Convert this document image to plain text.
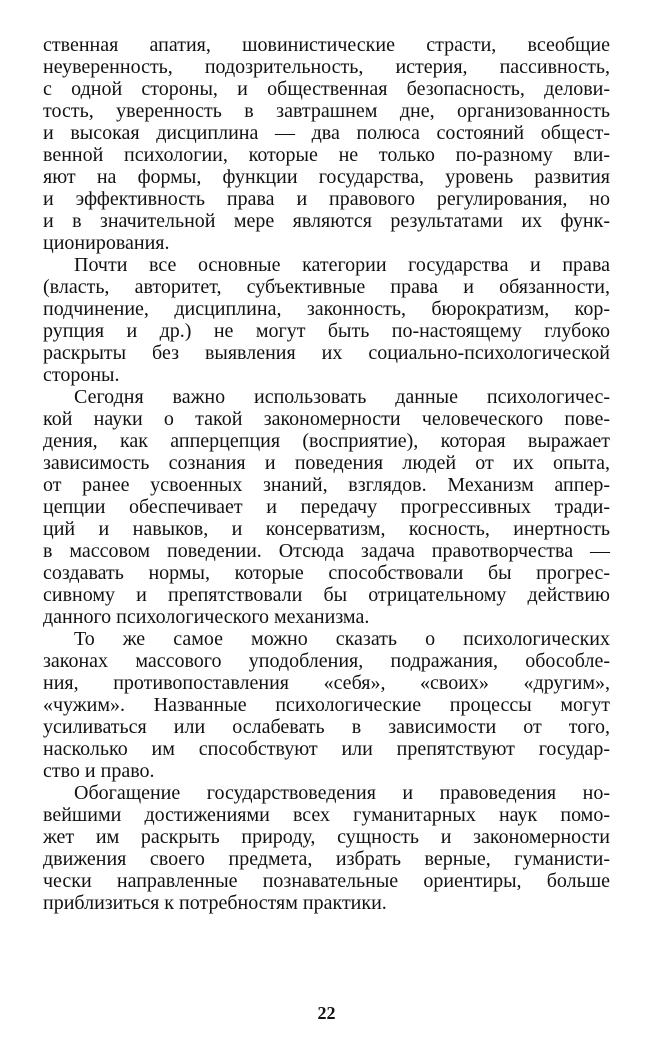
ственная апатия, шовинистические страсти, всеобщие
неуверенность, подозрительность, истерия, пассивность,
с одной стороны, и общественная безопасность, делови-
тость, уверенность в завтрашнем дне, организованность
и высокая дисциплина — два полюса состояний общест-
венной психологии, которые не только по-разному вли-
яют на формы, функции государства, уровень развития
и эффективность права и правового регулирования, но
и в значительной мере являются результатами их функ-
ционирования.
Почти все основные категории государства и права
(власть, авторитет, субъективные права и обязанности,
подчинение, дисциплина, законность, бюрократизм, кор-
рупция и др.) не могут быть по-настоящему глубоко
раскрыты без выявления их социально-психологической
стороны.
Сегодня важно использовать данные психологичес-
кой науки о такой закономерности человеческого пове-
дения, как апперцепция (восприятие), которая выражает
зависимость сознания и поведения людей от их опыта,
от ранее усвоенных знаний, взглядов. Механизм аппер-
цепции обеспечивает и передачу прогрессивных тради-
ций и навыков, и консерватизм, косность, инертность
в массовом поведении. Отсюда задача правотворчества —
создавать нормы, которые способствовали бы прогрес-
сивному и препятствовали бы отрицательному действию
данного психологического механизма.
То же самое можно сказать о психологических
законах массового уподобления, подражания, обособле-
ния, противопоставления «себя», «своих» «другим»,
«чужим». Названные психологические процессы могут
усиливаться или ослабевать в зависимости от того,
насколько им способствуют или препятствуют государ-
ство и право.
Обогащение государствоведения и правоведения но-
вейшими достижениями всех гуманитарных наук помо-
жет им раскрыть природу, сущность и закономерности
движения своего предмета, избрать верные, гуманисти-
чески направленные познавательные ориентиры, больше
приблизиться к потребностям практики.
22
